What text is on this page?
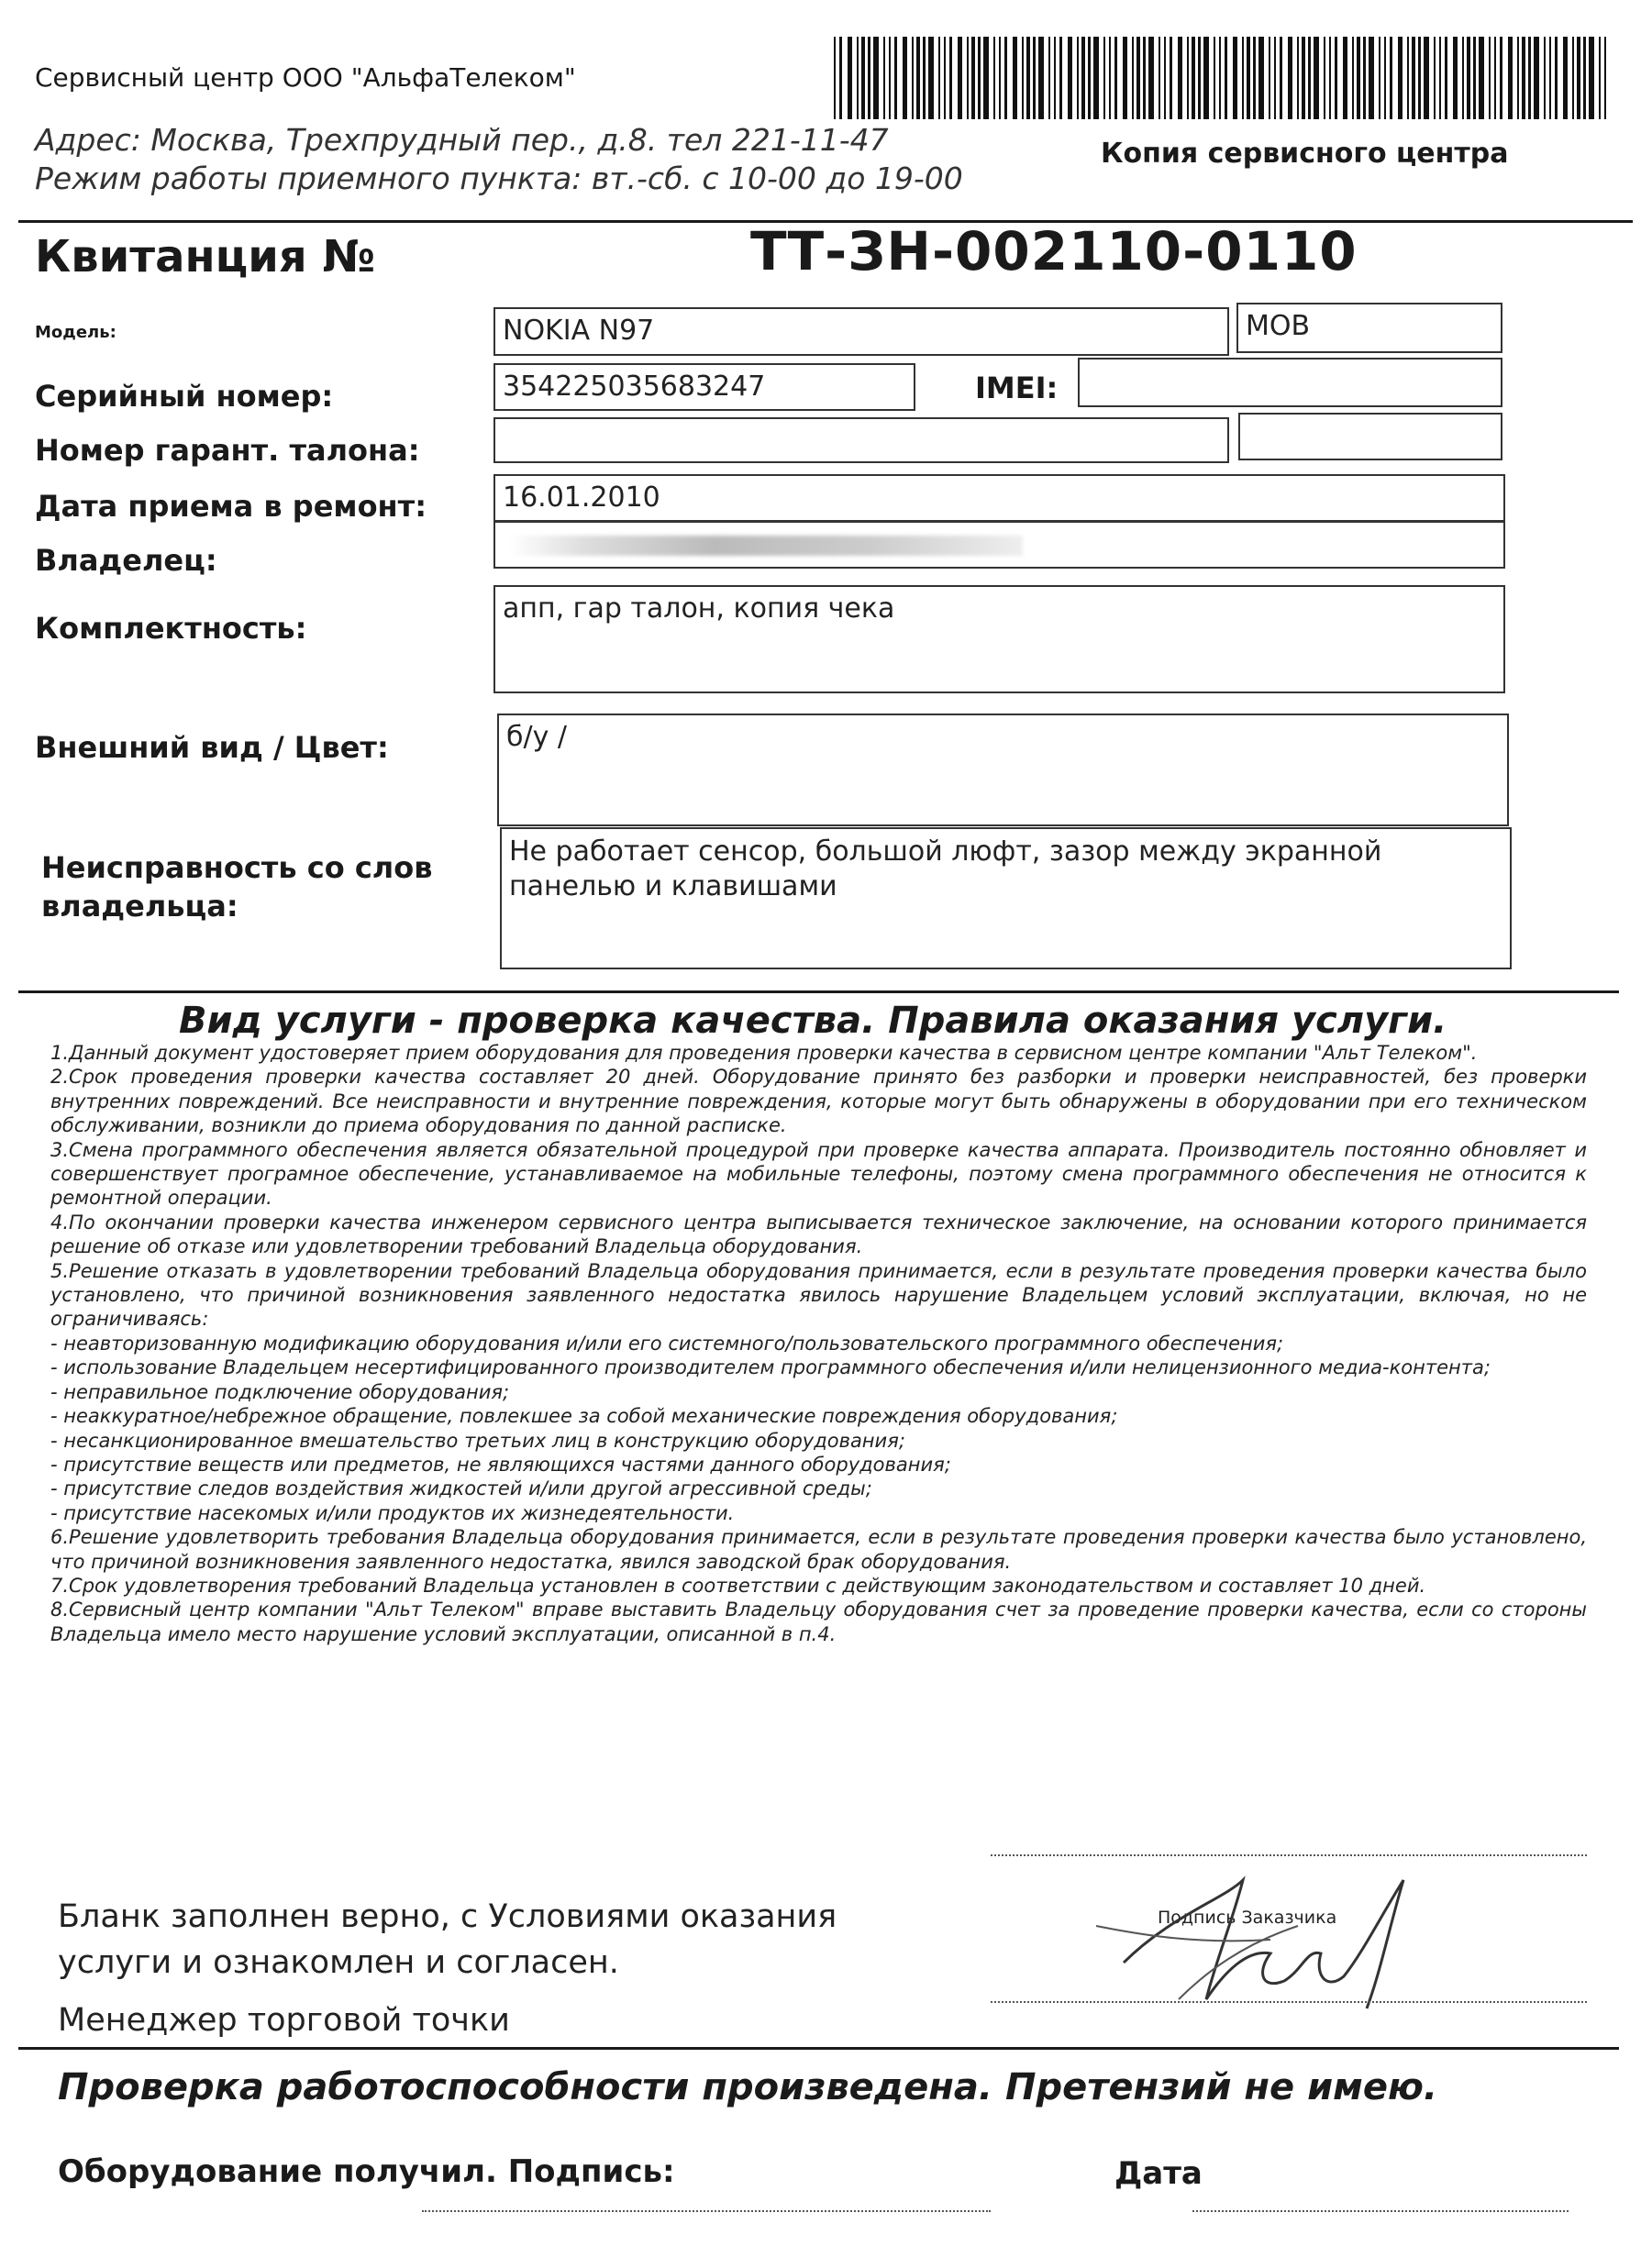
Сервисный центр ООО "АльфаТелеком"
Адрес: Москва, Трехпрудный пер., д.8. тел 221-11-47
Режим работы приемного пункта: вт.-сб. с 10-00 до 19-00
Копия сервисного центра
Квитанция №	ТТ-ЗН-002110-0110
Модель:	NOKIA N97	МОВ
Серийный номер:	354225035683247	IMEI:
Номер гарант. талона:
Дата приема в ремонт:	16.01.2010
Владелец:
Комплектность:
апп, гар талон, копия чека
Внешний вид / Цвет:	б/у /
Неисправность со слов
владельца:
Не работает сенсор, большой люфт, зазор между экранной
панелью и клавишами
Вид услуги - проверка качества. Правила оказания услуги.

1.Данный документ удостоверяет прием оборудования для проведения проверки качества в сервисном центре компании "Альт Телеком".

2.Срок проведения проверки качества составляет 20 дней. Оборудование принято без разборки и проверки неисправностей, без проверки внутренних повреждений. Все неисправности и внутренние повреждения, которые могут быть обнаружены в оборудовании при его техническом обслуживании, возникли до приема оборудования по данной расписке.

3.Смена программного обеспечения является обязательной процедурой при проверке качества аппарата. Производитель постоянно обновляет и совершенствует програмное обеспечение, устанавливаемое на мобильные телефоны, поэтому смена программного обеспечения не относится к ремонтной операции.

4.По окончании проверки качества инженером сервисного центра выписывается техническое заключение, на основании которого принимается решение об отказе или удовлетворении требований Владельца оборудования.

5.Решение отказать в удовлетворении требований Владельца оборудования принимается, если в результате проведения проверки качества было установлено, что причиной возникновения заявленного недостатка явилось нарушение Владельцем условий эксплуатации, включая, но не ограничиваясь:

- неавторизованную модификацию оборудования и/или его системного/пользовательского программного обеспечения;

- использование Владельцем несертифицированного производителем программного обеспечения и/или нелицензионного медиа-контента;

- неправильное подключение оборудования;

- неаккуратное/небрежное обращение, повлекшее за собой механические повреждения оборудования;

- несанкционированное вмешательство третьих лиц в конструкцию оборудования;

- присутствие веществ или предметов, не являющихся частями данного оборудования;

- присутствие следов воздействия жидкостей и/или другой агрессивной среды;

- присутствие насекомых и/или продуктов их жизнедеятельности.

6.Решение удовлетворить требования Владельца оборудования принимается, если в результате проведения проверки качества было установлено, что причиной возникновения заявленного недостатка, явился заводской брак оборудования.

7.Срок удовлетворения требований Владельца установлен в соответствии с действующим законодательством и составляет 10 дней.

8.Сервисный центр компании "Альт Телеком" вправе выставить Владельцу оборудования счет за проведение проверки качества, если со стороны Владельца имело место нарушение условий эксплуатации, описанной в п.4.

Бланк заполнен верно, с Условиями оказания
услуги и ознакомлен и согласен.
Подпись Заказчика
Менеджер торговой точки
Проверка работоспособности произведена. Претензий не имею.
Оборудование получил. Подпись:	Дата
